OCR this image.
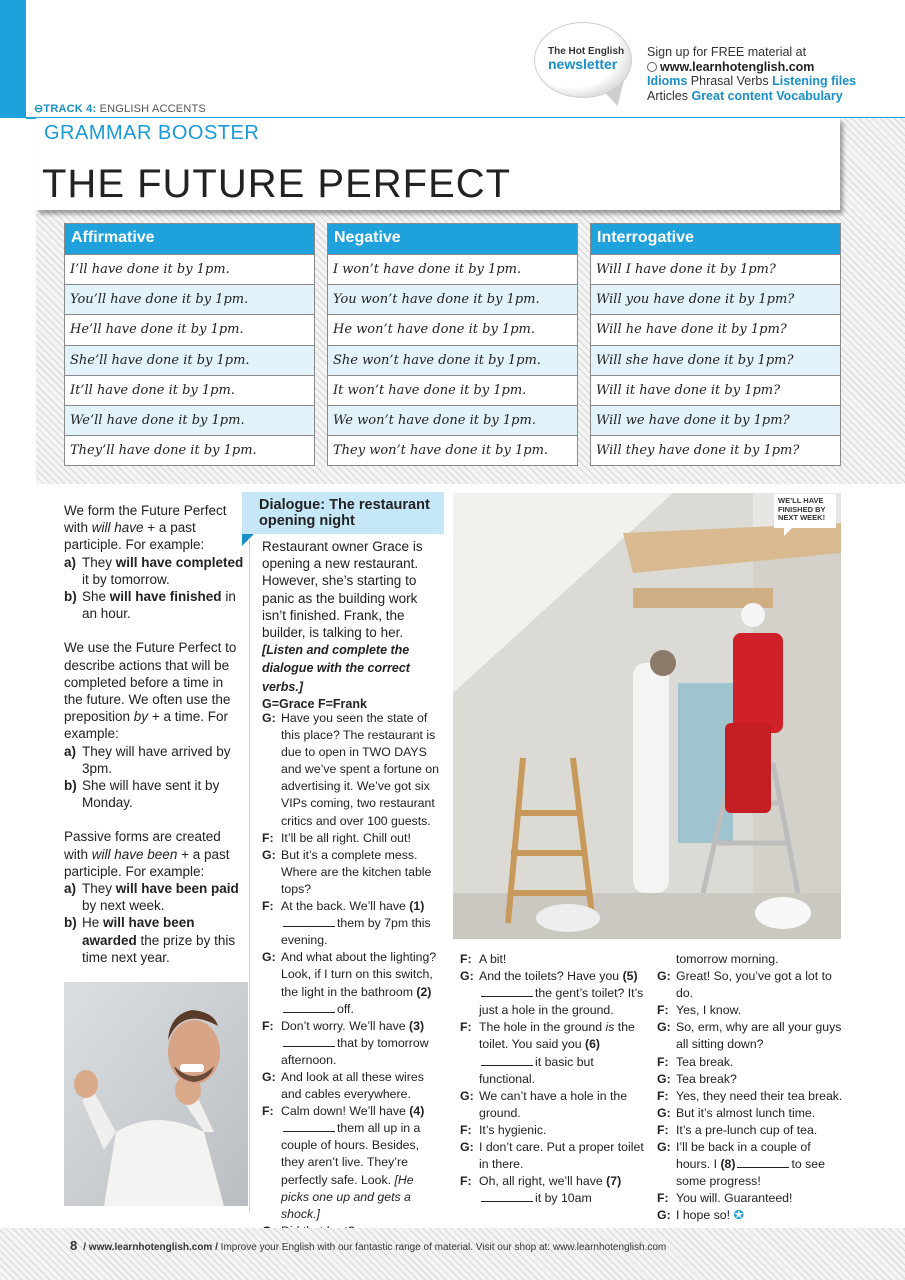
⊖TRACK 4: ENGLISH ACCENTS
The Hot English
newsletter
Sign up for FREE material at
www.learnhotenglish.com
Idioms Phrasal Verbs Listening files
Articles Great content Vocabulary
GRAMMAR BOOSTER
THE FUTURE PERFECT
Affirmative
I’ll have done it by 1pm.
You’ll have done it by 1pm.
He’ll have done it by 1pm.
She’ll have done it by 1pm.
It’ll have done it by 1pm.
We’ll have done it by 1pm.
They’ll have done it by 1pm.
Negative
I won’t have done it by 1pm.
You won’t have done it by 1pm.
He won’t have done it by 1pm.
She won’t have done it by 1pm.
It won’t have done it by 1pm.
We won’t have done it by 1pm.
They won’t have done it by 1pm.
Interrogative
Will I have done it by 1pm?
Will you have done it by 1pm?
Will he have done it by 1pm?
Will she have done it by 1pm?
Will it have done it by 1pm?
Will we have done it by 1pm?
Will they have done it by 1pm?
We form the Future Perfect with will have + a past participle. For example:
a) They will have completed it by tomorrow.
b) She will have finished in an hour.
We use the Future Perfect to describe actions that will be completed before a time in the future. We often use the preposition by + a time. For example:
a) They will have arrived by 3pm.
b) She will have sent it by Monday.
Passive forms are created with will have been + a past participle. For example:
a) They will have been paid by next week.
b) He will have been awarded the prize by this time next year.
Dialogue: The restaurant opening night
Restaurant owner Grace is opening a new restaurant. However, she’s starting to panic as the building work isn’t finished. Frank, the builder, is talking to her. [Listen and complete the dialogue with the correct verbs.]
G=Grace F=Frank
G: Have you seen the state of this place? The restaurant is due to open in TWO DAYS and we’ve spent a fortune on advertising it. We’ve got six VIPs coming, two restaurant critics and over 100 guests.
F: It’ll be all right. Chill out!
G: But it’s a complete mess. Where are the kitchen table tops?
F: At the back. We’ll have (1)them by 7pm this evening.
G: And what about the lighting? Look, if I turn on this switch, the light in the bathroom (2)off.
F: Don’t worry. We’ll have (3)that by tomorrow afternoon.
G: And look at all these wires and cables everywhere.
F: Calm down! We’ll have (4)them all up in a couple of hours. Besides, they aren’t live. They’re perfectly safe. Look. [He picks one up and gets a shock.]
WE’LL HAVE FINISHED BY NEXT WEEK!
F: A bit!
G: And the toilets? Have you (5)the gent’s toilet? It’s just a hole in the ground.
F: The hole in the ground is the toilet. You said you (6)it basic but functional.
G: We can’t have a hole in the ground.
F: It’s hygienic.
G: I don’t care. Put a proper toilet in there.
F: Oh, all right, we’ll have (7)it by 10am
tomorrow morning.
G: Great! So, you’ve got a lot to do.
F: Yes, I know.
G: So, erm, why are all your guys all sitting down?
F: Tea break.
G: Tea break?
F: Yes, they need their tea break.
G: But it’s almost lunch time.
F: It’s a pre-lunch cup of tea.
G: I’ll be back in a couple of hours. I (8)	to see some progress!
F: You will. Guaranteed!
G: I hope so! ✪
8 / www.learnhotenglish.com / Improve your English with our fantastic range of material. Visit our shop at: www.learnhotenglish.com
